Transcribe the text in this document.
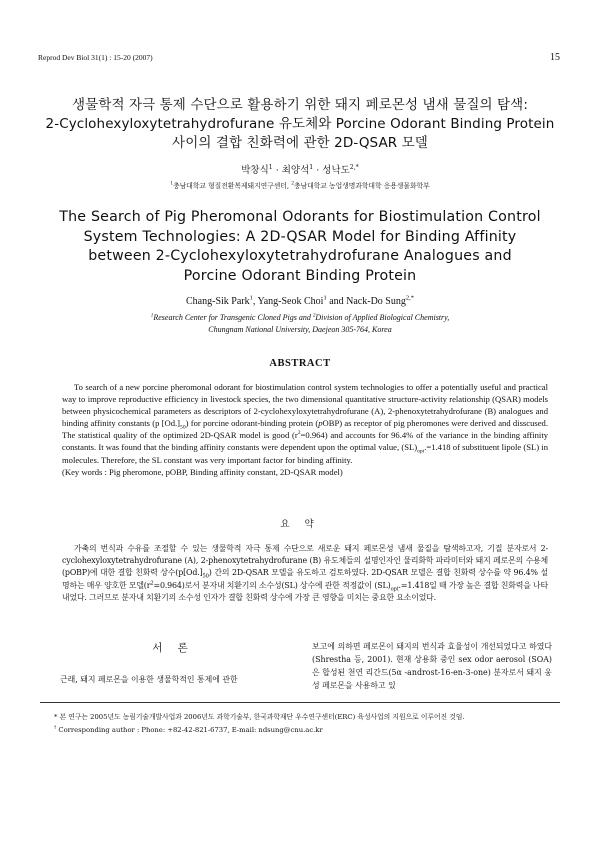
Reprod Dev Biol 31(1) : 15-20 (2007)	15
생물학적 자극 통제 수단으로 활용하기 위한 돼지 페로몬성 냄새 물질의 탐색:
2-Cyclohexyloxytetrahydrofurane 유도체와 Porcine Odorant Binding Protein
사이의 결합 친화력에 관한 2D-QSAR 모델
박창식$^1$ · 최양석$^1$ · 성낙도$^{2,*}$
$^1$충남대학교 형질전환복제돼지연구센터, $^2$충남대학교 농업생명과학대학 응용생물화학부
The Search of Pig Pheromonal Odorants for Biostimulation Control
System Technologies: A 2D-QSAR Model for Binding Affinity
between 2-Cyclohexyloxytetrahydrofurane Analogues and
Porcine Odorant Binding Protein
Chang-Sik Park$^1$, Yang-Seok Choi$^1$ and Nack-Do Sung$^{2,*}$
$^1$Research Center for Transgenic Cloned Pigs and $^2$Division of Applied Biological Chemistry,
Chungnam National University, Daejeon 305-764, Korea
ABSTRACT
To search of a new porcine pheromonal odorant for biostimulation control system technologies to offer a potentially useful and practical way to improve reproductive efficiency in livestock species, the two dimensional quantitative structure-activity relationship (QSAR) models between physicochemical parameters as descriptors of 2-cyclohexyloxytetrahydrofurane (A), 2-phenoxytetrahydrofurane (B) analogues and binding affinity constants (p $[Od.]_{50}$) for porcine odorant-binding protein (pOBP) as receptor of pig pheromones were derived and disscused. The statistical quality of the optimized 2D-QSAR model is good $(r^2=0.964)$ and accounts for 96.4% of the variance in the binding affinity constants. It was found that the binding affinity constants were dependent upon the optimal value, $(SL)_{opt}.=1.418$ of substituent lipole (SL) in molecules. Therefore, the SL constant was very important factor for binding affinity.
(Key words : Pig pheromone, pOBP, Binding affinity constant, 2D-QSAR model)
요 약
가축의 번식과 수유를 조절할 수 있는 생물학적 자극 통제 수단으로 새로운 돼지 페로몬성 냄새 물질을 탐색하고자, 기질 분자로서 2-cyclohexyloxytetrahydrofurane (A), 2-phenoxytetrahydrofurane (B) 유도체들의 설명인자인 물리화학 파라미터와 돼지 페로몬의 수용체 (pOBP)에 대한 결합 친화력 상수$(p[Od.]_{50})$ 간의 2D-QSAR 모델을 유도하고 검토하였다. 2D-QSAR 모델은 결합 친화력 상수를 약 96.4% 설명하는 매우 양호한 모델$(r^2=0.964)$로서 분자내 치환기의 소수성(SL) 상수에 관한 적정값이 $(SL)_{opt}.=1.418$일 때 가장 높은 결합 친화력을 나타내었다. 그러므로 분자내 치환기의 소수성 인자가 결합 친화력 상수에 가장 큰 영향을 미치는 중요한 요소이었다.
서 론
근래, 돼지 페로몬을 이용한 생물학적인 통제에 관한
보고에 의하면 페로몬이 돼지의 번식과 효율성이 개선되었다고 하였다(Shrestha 등, 2001). 현재 상용화 중인 sex odor aerosol (SOA)은 합성된 천연 리간드(5α -androst-16-en-3-one) 분자로서 돼지 웅성 페로몬을 사용하고 있
* 본 연구는 2005년도 농림기술개발사업과 2006년도 과학기술부, 한국과학재단 우수연구센터(ERC) 육성사업의 지원으로 이루어진 것임.
† Corresponding author : Phone: +82-42-821-6737, E-mail: ndsung@cnu.ac.kr
